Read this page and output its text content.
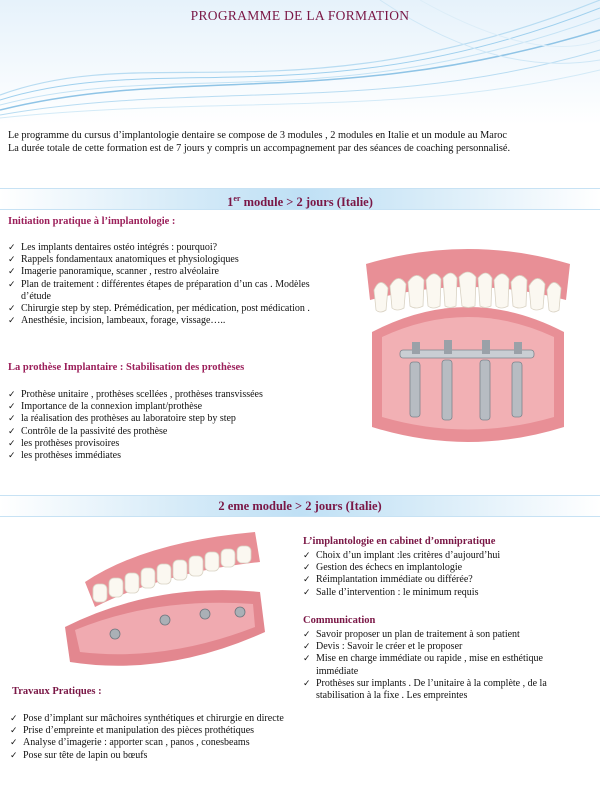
PROGRAMME DE LA FORMATION
Le programme du cursus d’implantologie dentaire se compose de 3 modules , 2 modules en Italie et un module au Maroc
La durée totale de cette formation est de 7 jours y compris un accompagnement par des séances de coaching personnalisé.
1er module > 2 jours (Italie)
Initiation pratique à l’implantologie :
✓ Les implants dentaires ostéo intégrés : pourquoi?
✓ Rappels fondamentaux anatomiques et physiologiques
✓ Imagerie panoramique, scanner , restro alvéolaire
✓ Plan de traitement : différentes étapes de préparation d’un cas . Modèles d’étude
✓ Chirurgie step by step. Prémédication, per médication, post médication .
✓ Anesthésie, incision, lambeaux, forage, vissage…..
La prothèse Implantaire : Stabilisation des prothèses
✓ Prothèse unitaire , prothèses scellées , prothèses transvissées
✓ Importance de la connexion implant/prothèse
✓ la réalisation des prothèses au laboratoire step by step
✓ Contrôle de la passivité des prothèse
✓ les prothèses provisoires
✓ les prothèses immédiates
2 eme module > 2 jours (Italie)
Travaux Pratiques :
✓ Pose d’implant sur mâchoires synthétiques et chirurgie en directe
✓ Prise d’empreinte et manipulation des pièces prothétiques
✓ Analyse d’imagerie : apporter scan , panos , conesbeams
✓ Pose sur tête de lapin ou bœufs
L’implantologie en cabinet d’omnipratique
✓ Choix d’un implant :les critères d’aujourd’hui
✓ Gestion des échecs en implantologie
✓ Réimplantation immédiate ou différée?
✓ Salle d’intervention : le minimum requis
Communication
✓ Savoir proposer un plan de traitement à son patient
✓ Devis : Savoir le créer et le proposer
✓ Mise en charge immédiate ou rapide , mise en esthétique immédiate
✓ Prothèses sur implants . De l’unitaire à la complète , de la stabilisation à la fixe . Les empreintes
